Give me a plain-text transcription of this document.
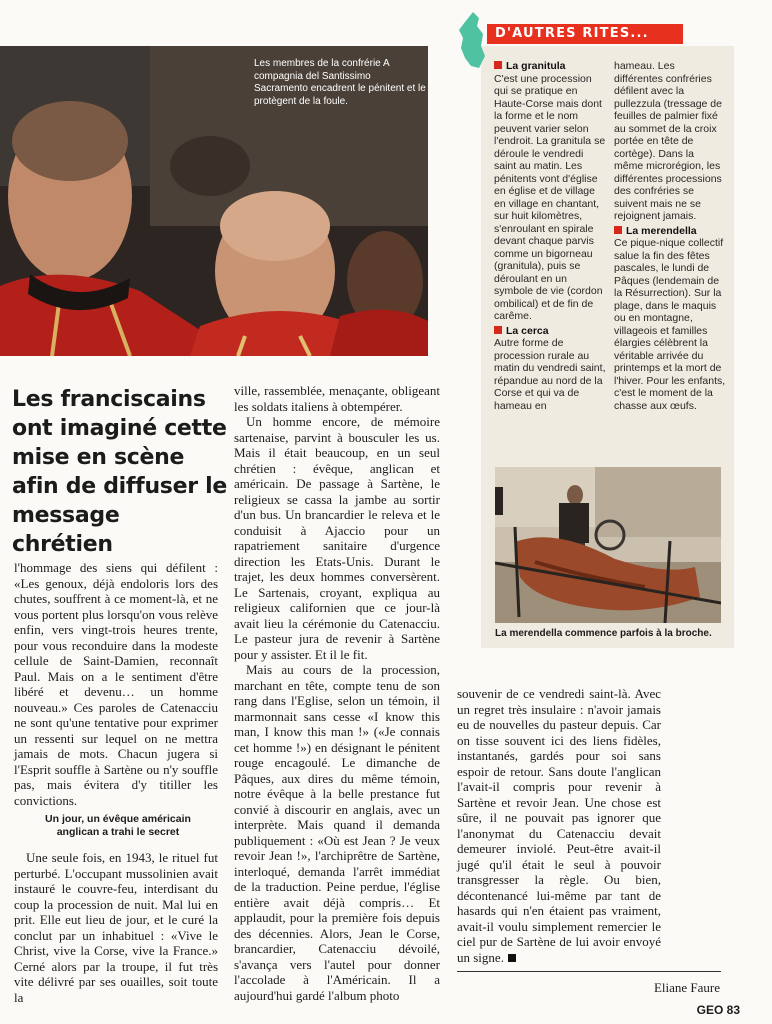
Les membres de la confrérie A compagnia del Santissimo Sacramento encadrent le pénitent et le protègent de la foule.
Les franciscains ont imaginé cette mise en scène afin de diffuser le message chrétien

l'hommage des siens qui défilent : «Les genoux, déjà endoloris lors des chutes, souffrent à ce moment-là, et ne vous portent plus lorsqu'on vous relève enfin, vers vingt-trois heures trente, pour vous reconduire dans la modeste cellule de Saint-Damien, reconnaît Paul. Mais on a le sentiment d'être libéré et devenu… un homme nouveau.» Ces paroles de Catenacciu ne sont qu'une tentative pour exprimer un ressenti sur lequel on ne mettra jamais de mots. Chacun jugera si l'Esprit souffle à Sartène ou n'y souffle pas, mais évitera d'y titiller les convictions.

Un jour, un évêque américain anglican a trahi le secret

Une seule fois, en 1943, le rituel fut perturbé. L'occupant mussolinien avait instauré le couvre-feu, interdisant du coup la procession de nuit. Mal lui en prit. Elle eut lieu de jour, et le curé la conclut par un inhabituel : «Vive le Christ, vive la Corse, vive la France.» Cerné alors par la troupe, il fut très vite délivré par ses ouailles, soit toute la

ville, rassemblée, menaçante, obligeant les soldats italiens à obtempérer.

Un homme encore, de mémoire sartenaise, parvint à bousculer les us. Mais il était beaucoup, en un seul chrétien : évêque, anglican et américain. De passage à Sartène, le religieux se cassa la jambe au sortir d'un bus. Un brancardier le releva et le conduisit à Ajaccio pour un rapatriement sanitaire d'urgence direction les Etats-Unis. Durant le trajet, les deux hommes conversèrent. Le Sartenais, croyant, expliqua au religieux californien que ce jour-là avait lieu la cérémonie du Catenacciu. Le pasteur jura de revenir à Sartène pour y assister. Et il le fit.

Mais au cours de la procession, marchant en tête, compte tenu de son rang dans l'Eglise, selon un témoin, il marmonnait sans cesse «I know this man, I know this man !» («Je connais cet homme !») en désignant le pénitent rouge encagoulé. Le dimanche de Pâques, aux dires du même témoin, notre évêque à la belle prestance fut convié à discourir en anglais, avec un interprète. Mais quand il demanda publiquement : «Où est Jean ? Je veux revoir Jean !», l'archiprêtre de Sartène, interloqué, demanda l'arrêt immédiat de la traduction. Peine perdue, l'église entière avait déjà compris… Et applaudit, pour la première fois depuis des décennies. Alors, Jean le Corse, brancardier, Catenacciu dévoilé, s'avança vers l'autel pour donner l'accolade à l'Américain. Il a aujourd'hui gardé l'album photo

souvenir de ce vendredi saint-là. Avec un regret très insulaire : n'avoir jamais eu de nouvelles du pasteur depuis. Car on tisse souvent ici des liens fidèles, instantanés, gardés pour soi sans espoir de retour. Sans doute l'anglican l'avait-il compris pour revenir à Sartène et revoir Jean. Une chose est sûre, il ne pouvait pas ignorer que l'anonymat du Catenacciu devait demeurer inviolé. Peut-être avait-il jugé qu'il était le seul à pouvoir transgresser la règle. Ou bien, décontenancé lui-même par tant de hasards qui n'en étaient pas vraiment, avait-il voulu simplement remercier le ciel pur de Sartène de lui avoir envoyé un signe.

Eliane Faure
D'AUTRES RITES...

La granitula

C'est une procession qui se pratique en Haute-Corse mais dont la forme et le nom peuvent varier selon l'endroit. La granitula se déroule le vendredi saint au matin. Les pénitents vont d'église en église et de village en village en chantant, sur huit kilomètres, s'enroulant en spirale devant chaque parvis comme un bigorneau (granitula), puis se déroulant en un symbole de vie (cordon ombilical) et de fin de carême.

La cerca

Autre forme de procession rurale au matin du vendredi saint, répandue au nord de la Corse et qui va de hameau en

hameau. Les différentes confréries défilent avec la pullezzula (tressage de feuilles de palmier fixé au sommet de la croix portée en tête de cortège). Dans la même microrégion, les différentes processions des confréries se suivent mais ne se rejoignent jamais.

La merendella

Ce pique-nique collectif salue la fin des fêtes pascales, le lundi de Pâques (lendemain de la Résurrection). Sur la plage, dans le maquis ou en montagne, villageois et familles élargies célèbrent la véritable arrivée du printemps et la mort de l'hiver. Pour les enfants, c'est le moment de la chasse aux œufs.

La merendella commence parfois à la broche.
GEO 83
